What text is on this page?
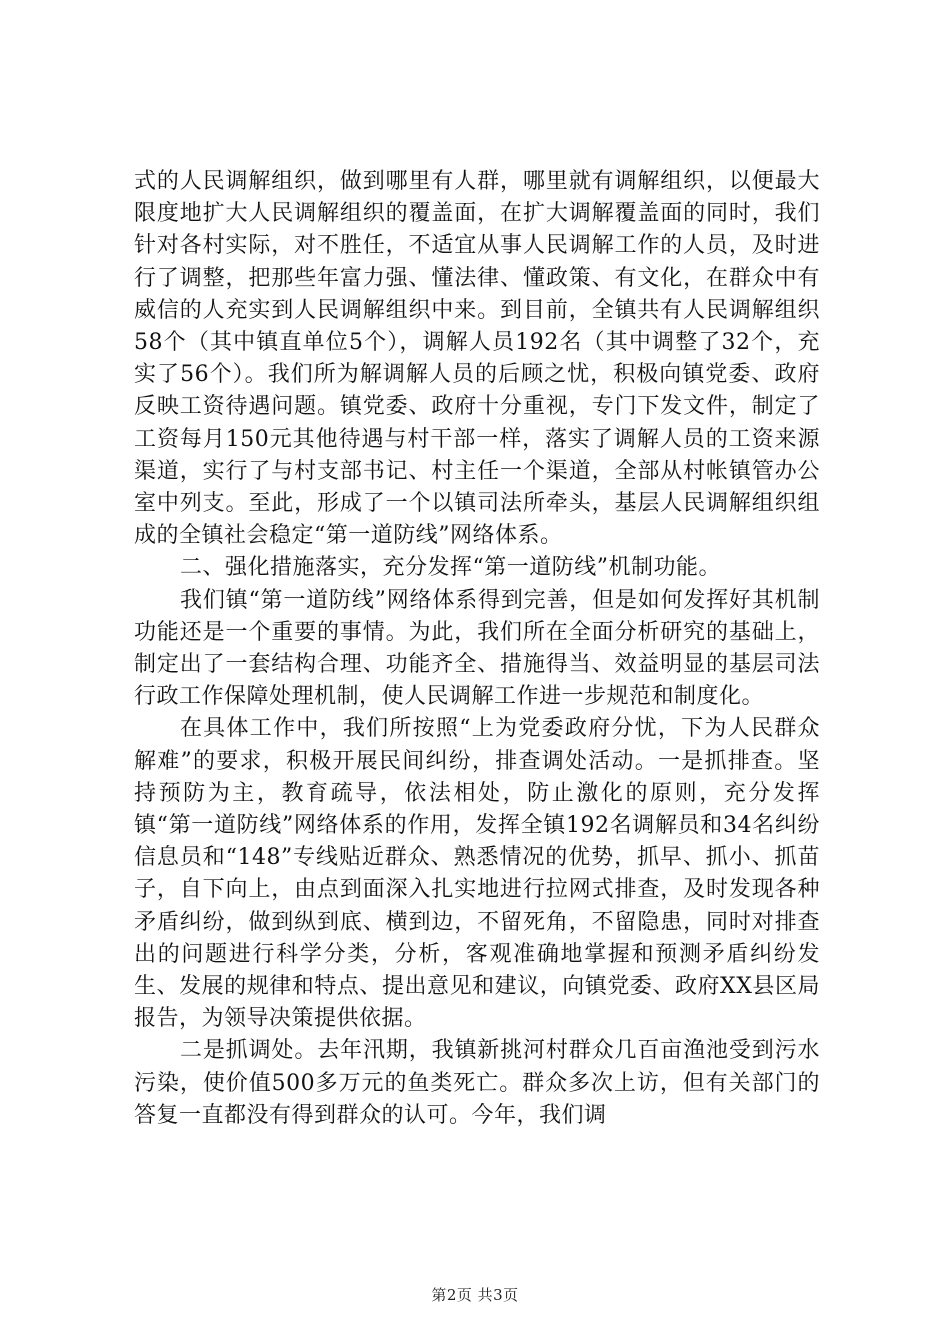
式的人民调解组织，做到哪里有人群，哪里就有调解组织，以便最大限度地扩大人民调解组织的覆盖面，在扩大调解覆盖面的同时，我们针对各村实际，对不胜任，不适宜从事人民调解工作的人员，及时进行了调整，把那些年富力强、懂法律、懂政策、有文化，在群众中有威信的人充实到人民调解组织中来。到目前，全镇共有人民调解组织58个（其中镇直单位5个），调解人员192名（其中调整了32个，充实了56个）。我们所为解调解人员的后顾之忧，积极向镇党委、政府反映工资待遇问题。镇党委、政府十分重视，专门下发文件，制定了工资每月150元其他待遇与村干部一样，落实了调解人员的工资来源渠道，实行了与村支部书记、村主任一个渠道，全部从村帐镇管办公室中列支。至此，形成了一个以镇司法所牵头，基层人民调解组织组成的全镇社会稳定“第一道防线”网络体系。

二、强化措施落实，充分发挥“第一道防线”机制功能。

我们镇“第一道防线”网络体系得到完善，但是如何发挥好其机制功能还是一个重要的事情。为此，我们所在全面分析研究的基础上，制定出了一套结构合理、功能齐全、措施得当、效益明显的基层司法行政工作保障处理机制，使人民调解工作进一步规范和制度化。

在具体工作中，我们所按照“上为党委政府分忧，下为人民群众解难”的要求，积极开展民间纠纷，排查调处活动。一是抓排查。坚持预防为主，教育疏导，依法相处，防止激化的原则，充分发挥镇“第一道防线”网络体系的作用，发挥全镇192名调解员和34名纠纷信息员和“148”专线贴近群众、熟悉情况的优势，抓早、抓小、抓苗子，自下向上，由点到面深入扎实地进行拉网式排查，及时发现各种矛盾纠纷，做到纵到底、横到边，不留死角，不留隐患，同时对排查出的问题进行科学分类，分析，客观准确地掌握和预测矛盾纠纷发生、发展的规律和特点、提出意见和建议，向镇党委、政府XX县区局报告，为领导决策提供依据。

二是抓调处。去年汛期，我镇新挑河村群众几百亩渔池受到污水污染，使价值500多万元的鱼类死亡。群众多次上访，但有关部门的答复一直都没有得到群众的认可。今年，我们调

第2页 共3页
